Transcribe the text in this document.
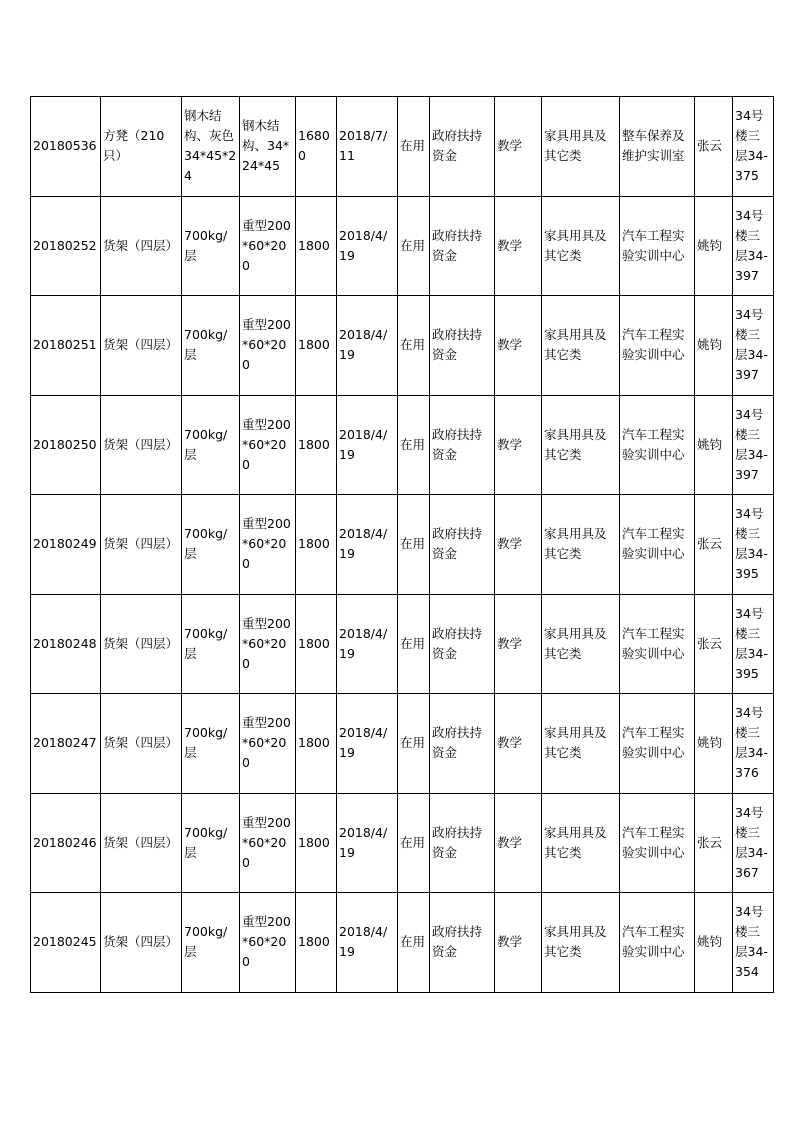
20180536	方凳（210只）	钢木结构、灰色34*45*24	钢木结构、34*24*45	16800	2018/7/11	在用	政府扶持资金	教学	家具用具及其它类	整车保养及维护实训室	张云	34号楼三层34-375
20180252	货架（四层）	700kg/层	重型200*60*200	1800	2018/4/19	在用	政府扶持资金	教学	家具用具及其它类	汽车工程实验实训中心	姚钧	34号楼三层34-397
20180251	货架（四层）	700kg/层	重型200*60*200	1800	2018/4/19	在用	政府扶持资金	教学	家具用具及其它类	汽车工程实验实训中心	姚钧	34号楼三层34-397
20180250	货架（四层）	700kg/层	重型200*60*200	1800	2018/4/19	在用	政府扶持资金	教学	家具用具及其它类	汽车工程实验实训中心	姚钧	34号楼三层34-397
20180249	货架（四层）	700kg/层	重型200*60*200	1800	2018/4/19	在用	政府扶持资金	教学	家具用具及其它类	汽车工程实验实训中心	张云	34号楼三层34-395
20180248	货架（四层）	700kg/层	重型200*60*200	1800	2018/4/19	在用	政府扶持资金	教学	家具用具及其它类	汽车工程实验实训中心	张云	34号楼三层34-395
20180247	货架（四层）	700kg/层	重型200*60*200	1800	2018/4/19	在用	政府扶持资金	教学	家具用具及其它类	汽车工程实验实训中心	姚钧	34号楼三层34-376
20180246	货架（四层）	700kg/层	重型200*60*200	1800	2018/4/19	在用	政府扶持资金	教学	家具用具及其它类	汽车工程实验实训中心	张云	34号楼三层34-367
20180245	货架（四层）	700kg/层	重型200*60*200	1800	2018/4/19	在用	政府扶持资金	教学	家具用具及其它类	汽车工程实验实训中心	姚钧	34号楼三层34-354
